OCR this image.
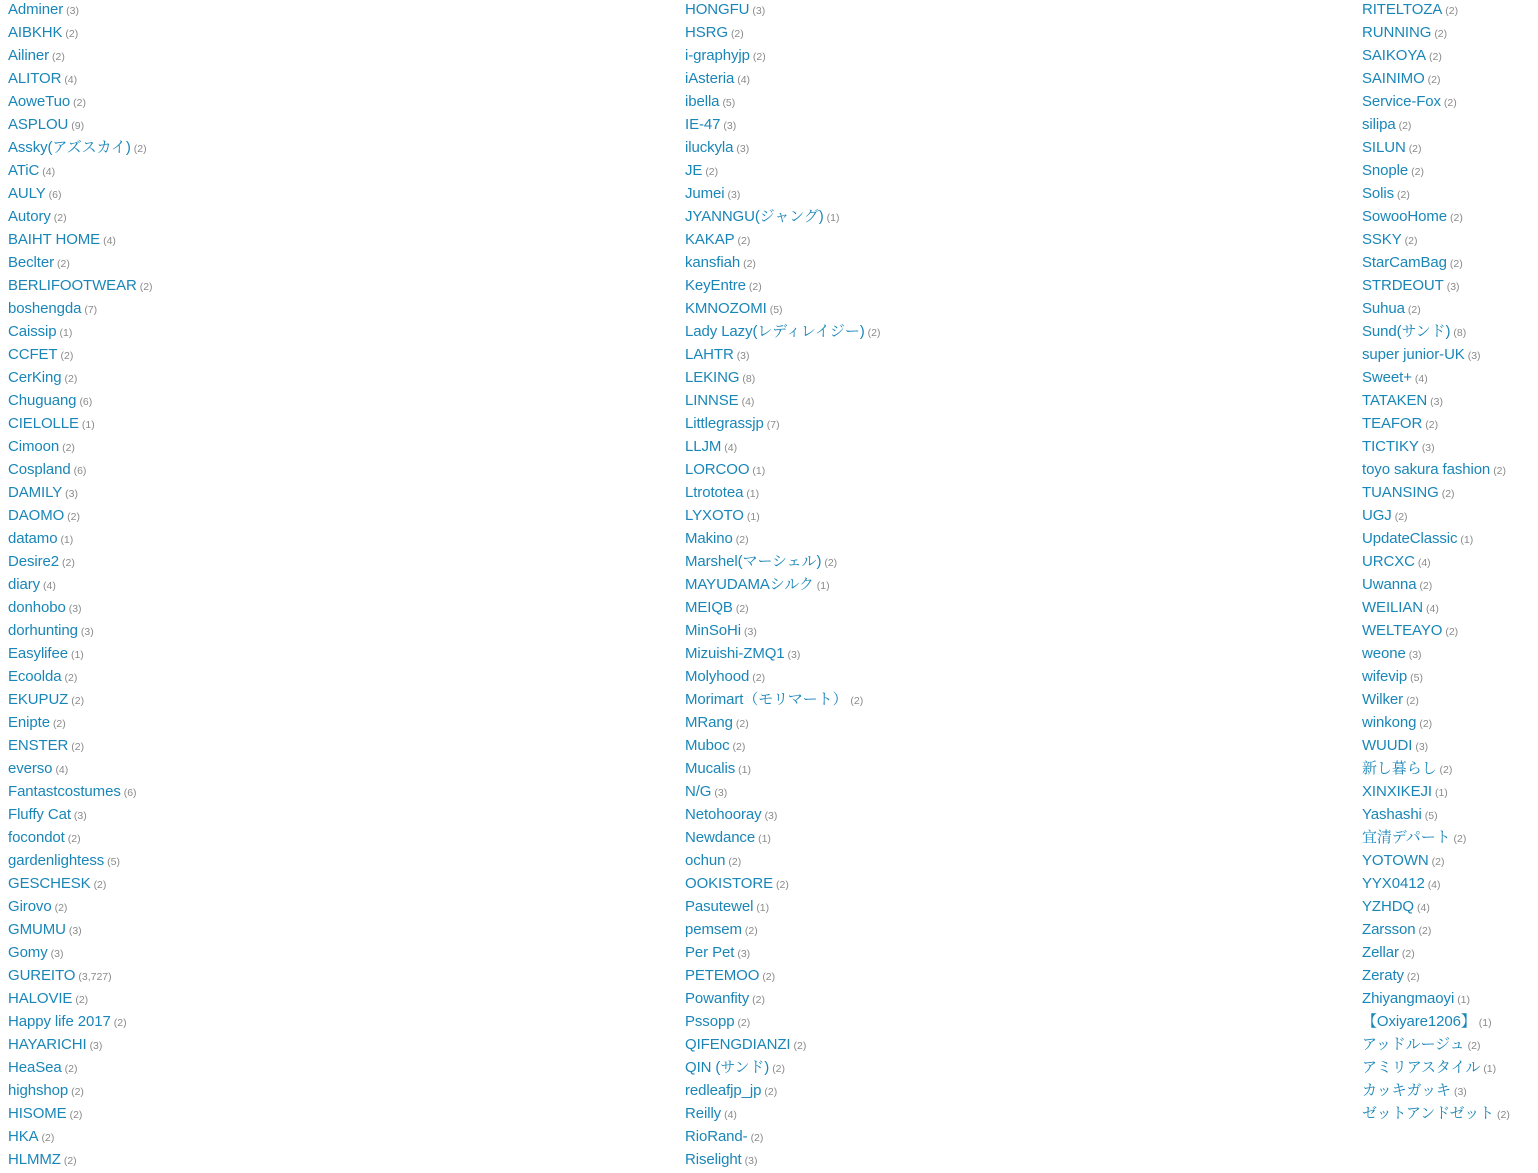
Adminer (3)
AIBKHK (2)
Ailiner (2)
ALITOR (4)
AoweTuo (2)
ASPLOU (9)
Assky(アズスカイ) (2)
ATiC (4)
AULY (6)
Autory (2)
BAIHT HOME (4)
Beclter (2)
BERLIFOOTWEAR (2)
boshengda (7)
Caissip (1)
CCFET (2)
CerKing (2)
Chuguang (6)
CIELOLLE (1)
Cimoon (2)
Cospland (6)
DAMILY (3)
DAOMO (2)
datamo (1)
Desire2 (2)
diary (4)
donhobo (3)
dorhunting (3)
Easylifee (1)
Ecoolda (2)
EKUPUZ (2)
Enipte (2)
ENSTER (2)
everso (4)
Fantastcostumes (6)
Fluffy Cat (3)
focondot (2)
gardenlightess (5)
GESCHESK (2)
Girovo (2)
GMUMU (3)
Gomy (3)
GUREITO (3,727)
HALOVIE (2)
Happy life 2017 (2)
HAYARICHI (3)
HeaSea (2)
highshop (2)
HISOME (2)
HKA (2)
HLMMZ (2)
HONGFU (3)
HSRG (2)
i-graphyjp (2)
iAsteria (4)
ibella (5)
IE-47 (3)
iluckyla (3)
JE (2)
Jumei (3)
JYANNGU(ジャング) (1)
KAKAP (2)
kansfiah (2)
KeyEntre (2)
KMNOZOMI (5)
Lady Lazy(レディレイジー) (2)
LAHTR (3)
LEKING (8)
LINNSE (4)
Littlegrassjp (7)
LLJM (4)
LORCOO (1)
Ltrototea (1)
LYXOTO (1)
Makino (2)
Marshel(マーシェル) (2)
MAYUDAMAシルク (1)
MEIQB (2)
MinSoHi (3)
Mizuishi-ZMQ1 (3)
Molyhood (2)
Morimart（モリマート） (2)
MRang (2)
Muboc (2)
Mucalis (1)
N/G (3)
Netohooray (3)
Newdance (1)
ochun (2)
OOKISTORE (2)
Pasutewel (1)
pemsem (2)
Per Pet (3)
PETEMOO (2)
Powanfity (2)
Pssopp (2)
QIFENGDIANZI (2)
QIN (サンド) (2)
redleafjp_jp (2)
Reilly (4)
RioRand- (2)
Riselight (3)
RITELTOZA (2)
RUNNING (2)
SAIKOYA (2)
SAINIMO (2)
Service-Fox (2)
silipa (2)
SILUN (2)
Snople (2)
Solis (2)
SowooHome (2)
SSKY (2)
StarCamBag (2)
STRDEOUT (3)
Suhua (2)
Sund(サンド) (8)
super junior-UK (3)
Sweet+ (4)
TATAKEN (3)
TEAFOR (2)
TICTIKY (3)
toyo sakura fashion (2)
TUANSING (2)
UGJ (2)
UpdateClassic (1)
URCXC (4)
Uwanna (2)
WEILIAN (4)
WELTEAYO (2)
weone (3)
wifevip (5)
Wilker (2)
winkong (2)
WUUDI (3)
新し暮らし (2)
XINXIKEJI (1)
Yashashi (5)
宜清デパート (2)
YOTOWN (2)
YYX0412 (4)
YZHDQ (4)
Zarsson (2)
Zellar (2)
Zeraty (2)
Zhiyangmaoyi (1)
【Oxiyare1206】 (1)
アッドルージュ (2)
アミリアスタイル (1)
カッキガッキ (3)
ゼットアンドゼット (2)
